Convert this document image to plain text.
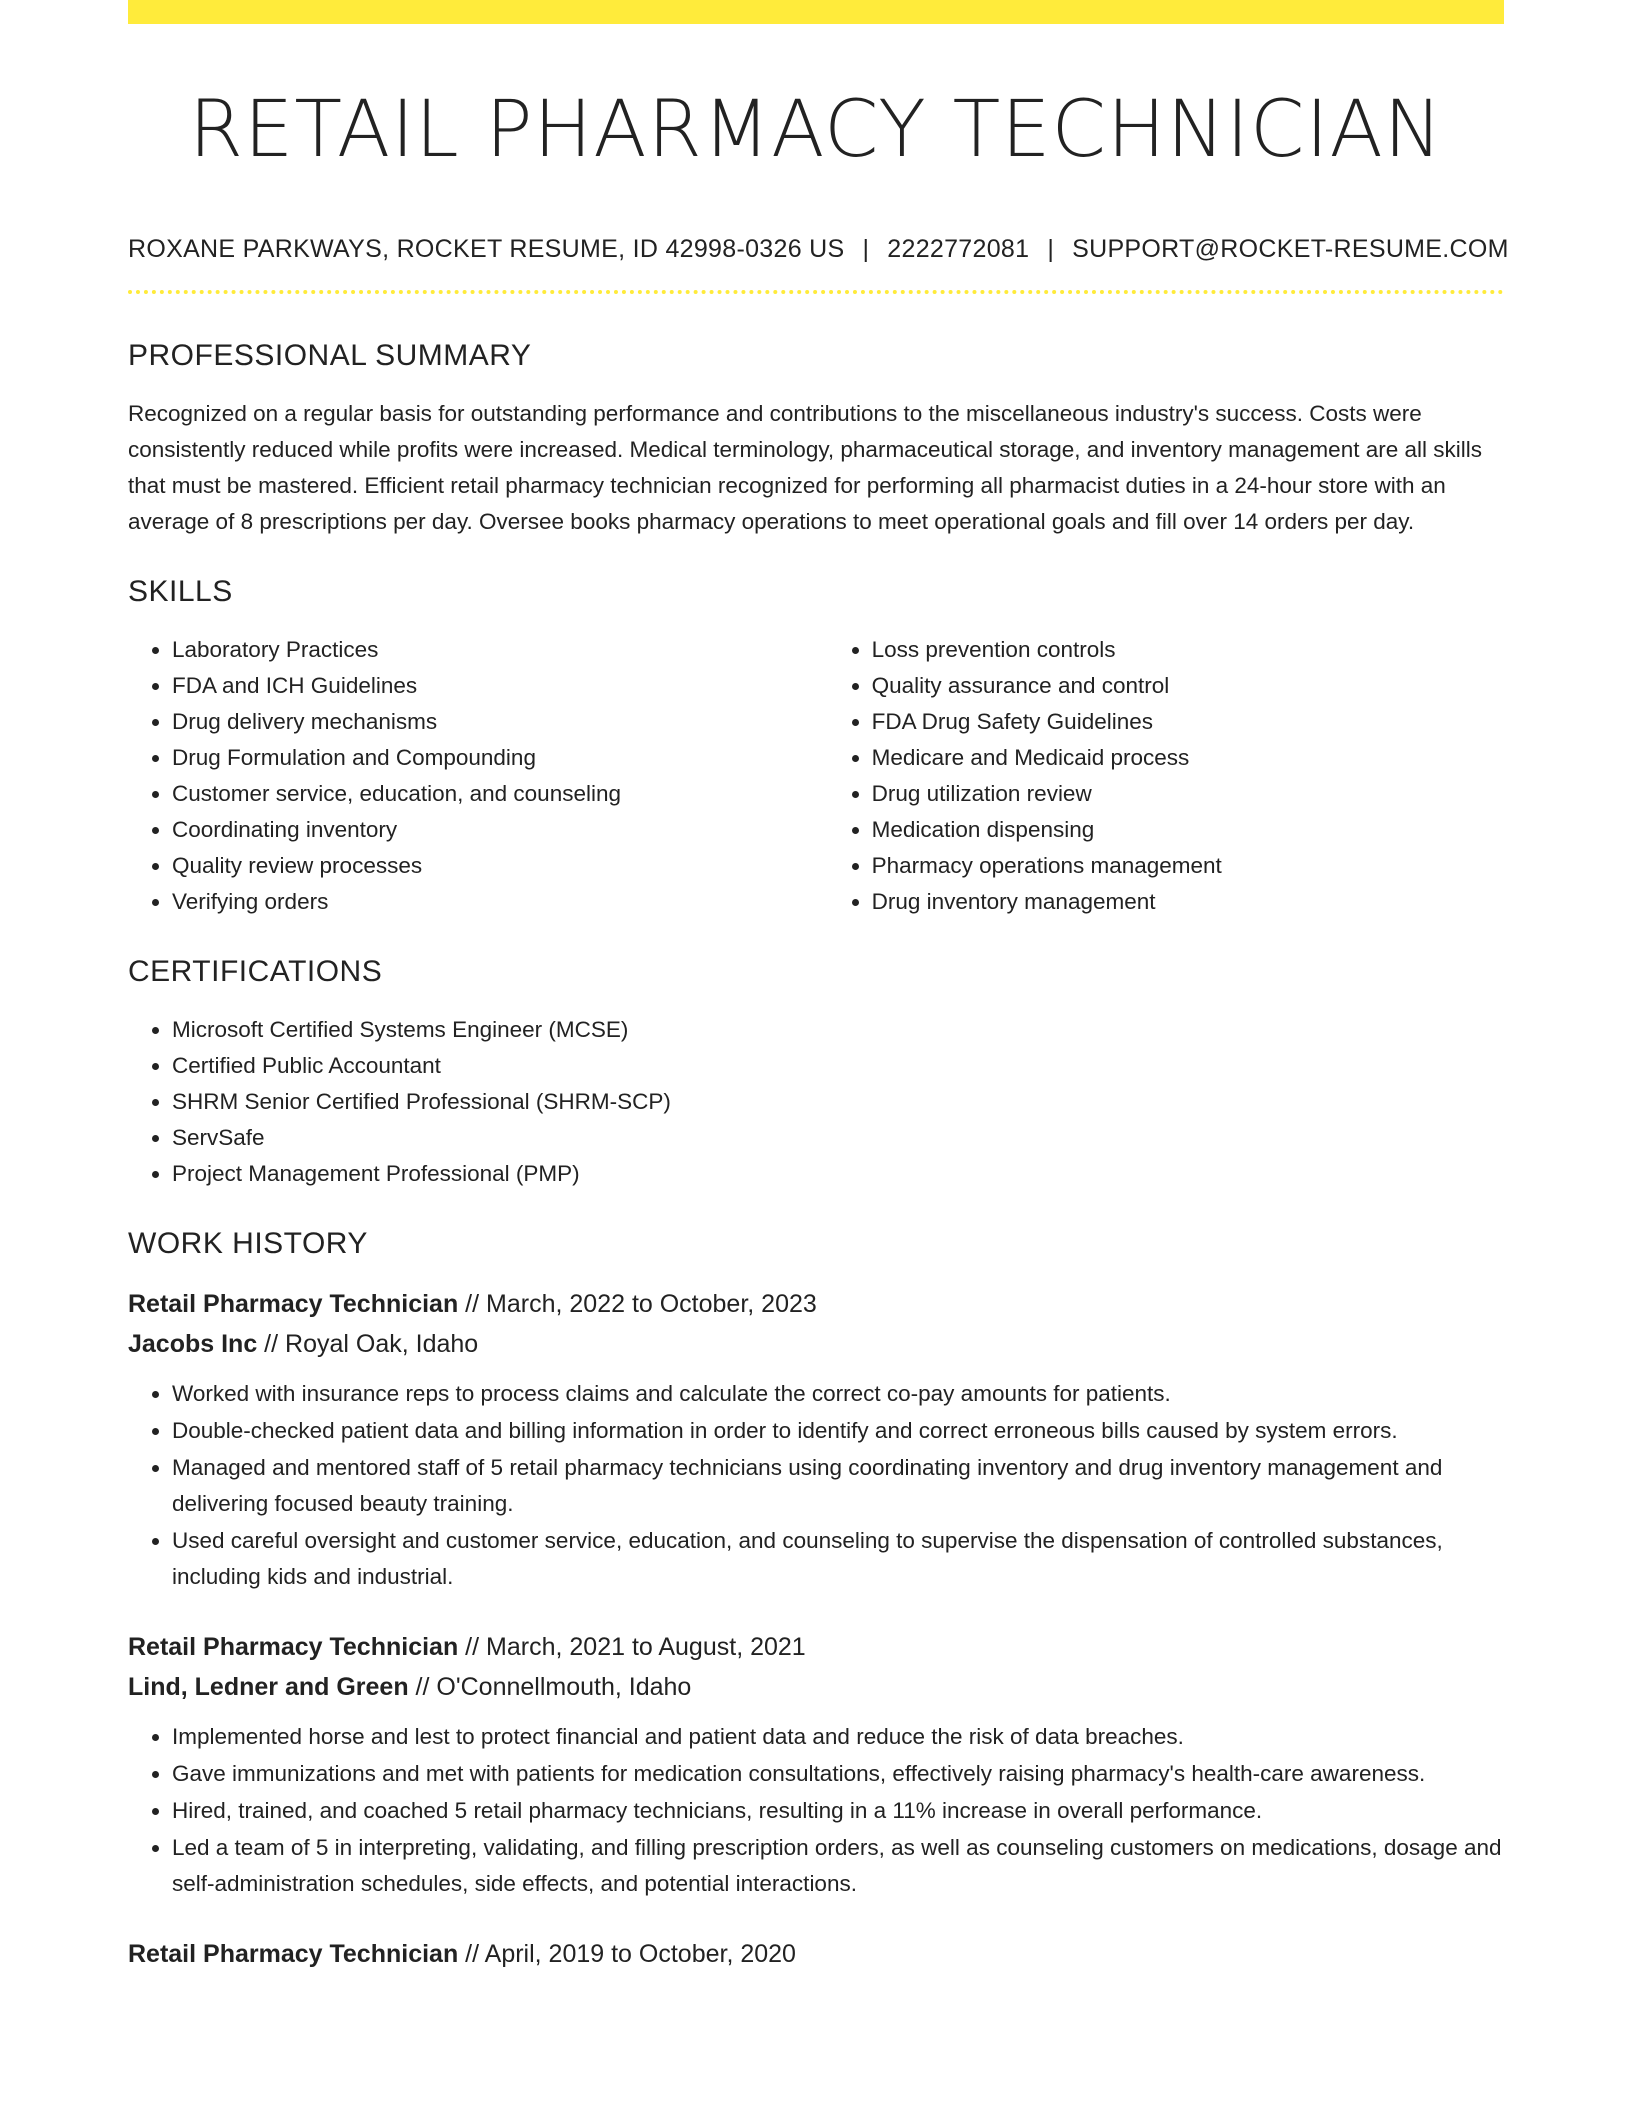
RETAIL PHARMACY TECHNICIAN
ROXANE PARKWAYS, ROCKET RESUME, ID 42998-0326 US | 2222772081 | SUPPORT@ROCKET-RESUME.COM
PROFESSIONAL SUMMARY

Recognized on a regular basis for outstanding performance and contributions to the miscellaneous industry's success. Costs were consistently reduced while profits were increased. Medical terminology, pharmaceutical storage, and inventory management are all skills that must be mastered. Efficient retail pharmacy technician recognized for performing all pharmacist duties in a 24-hour store with an average of 8 prescriptions per day. Oversee books pharmacy operations to meet operational goals and fill over 14 orders per day.

SKILLS
• Laboratory Practices
• FDA and ICH Guidelines
• Drug delivery mechanisms
• Drug Formulation and Compounding
• Customer service, education, and counseling
• Coordinating inventory
• Quality review processes
• Verifying orders
• Loss prevention controls
• Quality assurance and control
• FDA Drug Safety Guidelines
• Medicare and Medicaid process
• Drug utilization review
• Medication dispensing
• Pharmacy operations management
• Drug inventory management
CERTIFICATIONS
• Microsoft Certified Systems Engineer (MCSE)
• Certified Public Accountant
• SHRM Senior Certified Professional (SHRM-SCP)
• ServSafe
• Project Management Professional (PMP)
WORK HISTORY
Retail Pharmacy Technician // March, 2022 to October, 2023
Jacobs Inc // Royal Oak, Idaho
• Worked with insurance reps to process claims and calculate the correct co-pay amounts for patients.
• Double-checked patient data and billing information in order to identify and correct erroneous bills caused by system errors.
• Managed and mentored staff of 5 retail pharmacy technicians using coordinating inventory and drug inventory management and delivering focused beauty training.
• Used careful oversight and customer service, education, and counseling to supervise the dispensation of controlled substances, including kids and industrial.
Retail Pharmacy Technician // March, 2021 to August, 2021
Lind, Ledner and Green // O'Connellmouth, Idaho
• Implemented horse and lest to protect financial and patient data and reduce the risk of data breaches.
• Gave immunizations and met with patients for medication consultations, effectively raising pharmacy's health-care awareness.
• Hired, trained, and coached 5 retail pharmacy technicians, resulting in a 11% increase in overall performance.
• Led a team of 5 in interpreting, validating, and filling prescription orders, as well as counseling customers on medications, dosage and self-administration schedules, side effects, and potential interactions.
Retail Pharmacy Technician // April, 2019 to October, 2020
